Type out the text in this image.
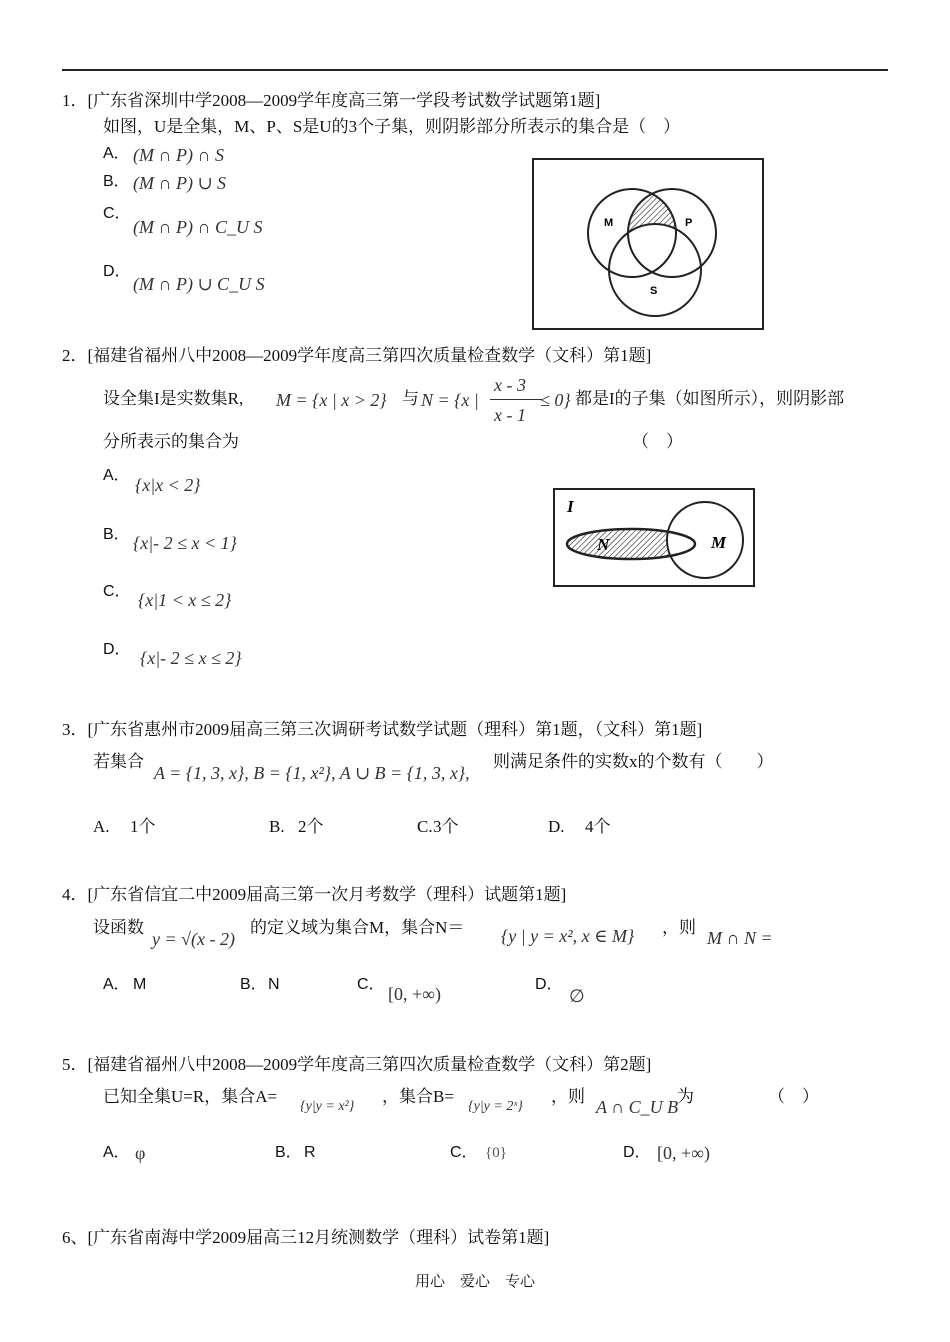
1．[广东省深圳中学2008—2009学年度高三第一学段考试数学试题第1题]
如图，U是全集，M、P、S是U的3个子集，则阴影部分所表示的集合是（　）
A． (M ∩ P) ∩ S
B． (M ∩ P) ∪ S
C．
(M ∩ P) ∩ C_U S
D．
(M ∩ P) ∪ C_U S
M	P
S
2．[福建省福州八中2008—2009学年度高三第四次质量检查数学（文科）第1题]
设全集I是实数集R, M = {x | x > 2} 与 N = {x |
x - 3
x - 1
≤ 0} 都是I的子集（如图所示），则阴影部
分所表示的集合为	（　）
A． {x|x < 2}
B． {x|- 2 ≤ x < 1}
C． {x|1 < x ≤ 2}
D． {x|- 2 ≤ x ≤ 2}
I
N	M
3．[广东省惠州市2009届高三第三次调研考试数学试题（理科）第1题，（文科）第1题]
若集合
A = {1, 3, x}, B = {1, x²}, A ∪ B = {1, 3, x},
则满足条件的实数x的个数有（　　）
A. 1个	B. 2个	C. 3个	D. 4个
4．[广东省信宜二中2009届高三第一次月考数学（理科）试题第1题]
设函数
y = √(x - 2)
的定义域为集合M，集合N＝ {y | y = x², x ∈ M} ，则
M ∩ N =
A． M	B． N	C． [0, +∞)	D．
∅
5．[福建省福州八中2008—2009学年度高三第四次质量检查数学（文科）第2题]
已知全集U=R，集合A=
{y|y = x²}
，集合B=
{y|y = 2ˣ}
，则
A ∩ C_U B
为	（　）
A． φ	B． R	C． {0}	D． [0, +∞)
6、[广东省南海中学2009届高三12月统测数学（理科）试卷第1题]
用心　爱心　专心
